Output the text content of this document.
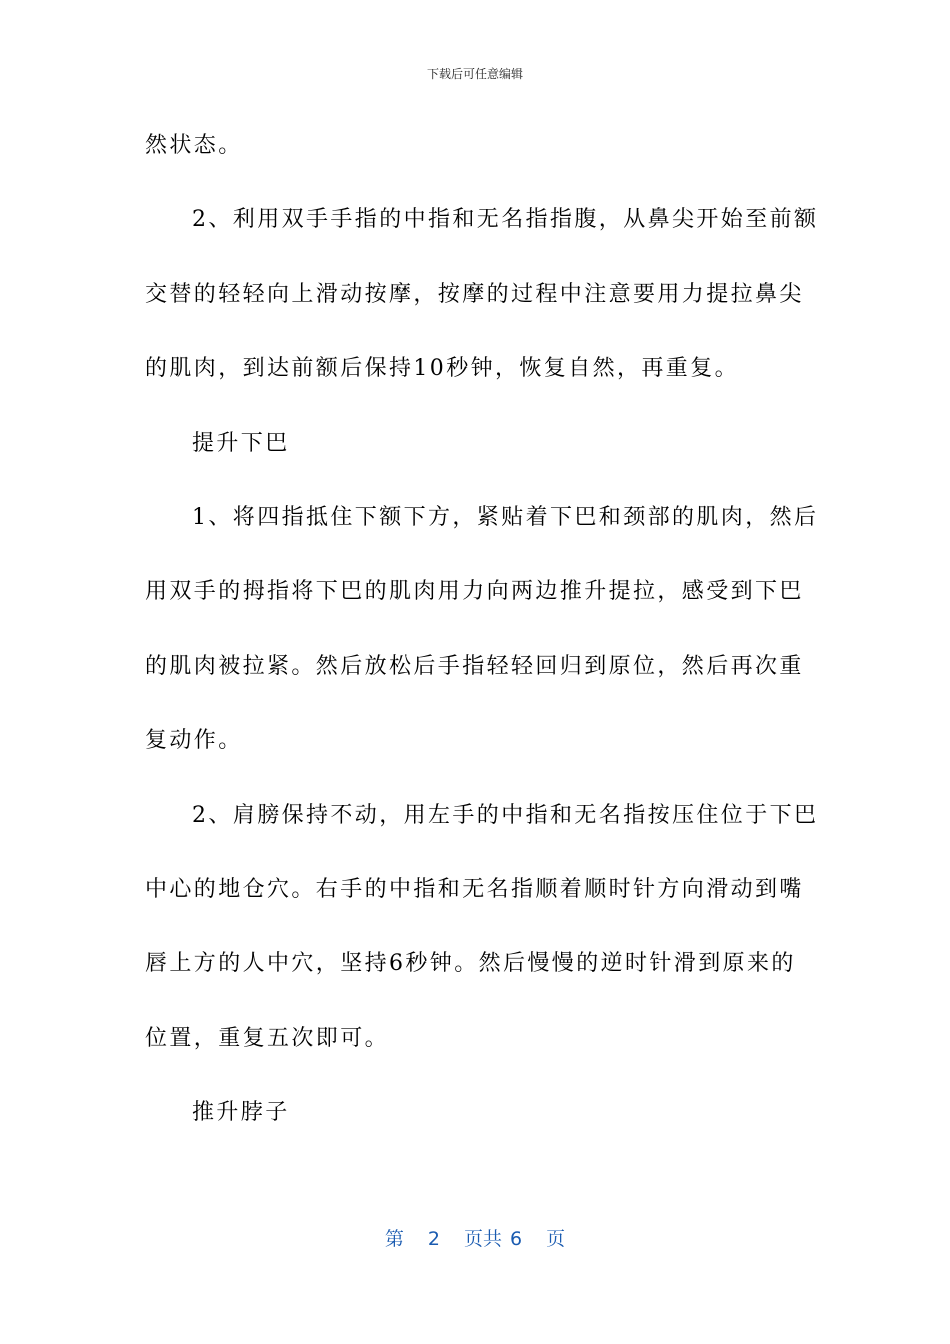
下载后可任意编辑
然状态。
2、利用双手手指的中指和无名指指腹，从鼻尖开始至前额
交替的轻轻向上滑动按摩，按摩的过程中注意要用力提拉鼻尖
的肌肉，到达前额后保持10秒钟，恢复自然，再重复。
提升下巴
1、将四指抵住下额下方，紧贴着下巴和颈部的肌肉，然后
用双手的拇指将下巴的肌肉用力向两边推升提拉，感受到下巴
的肌肉被拉紧。然后放松后手指轻轻回归到原位，然后再次重
复动作。
2、肩膀保持不动，用左手的中指和无名指按压住位于下巴
中心的地仓穴。右手的中指和无名指顺着顺时针方向滑动到嘴
唇上方的人中穴，坚持6秒钟。然后慢慢的逆时针滑到原来的
位置，重复五次即可。
推升脖子
第 2 页共 6 页
